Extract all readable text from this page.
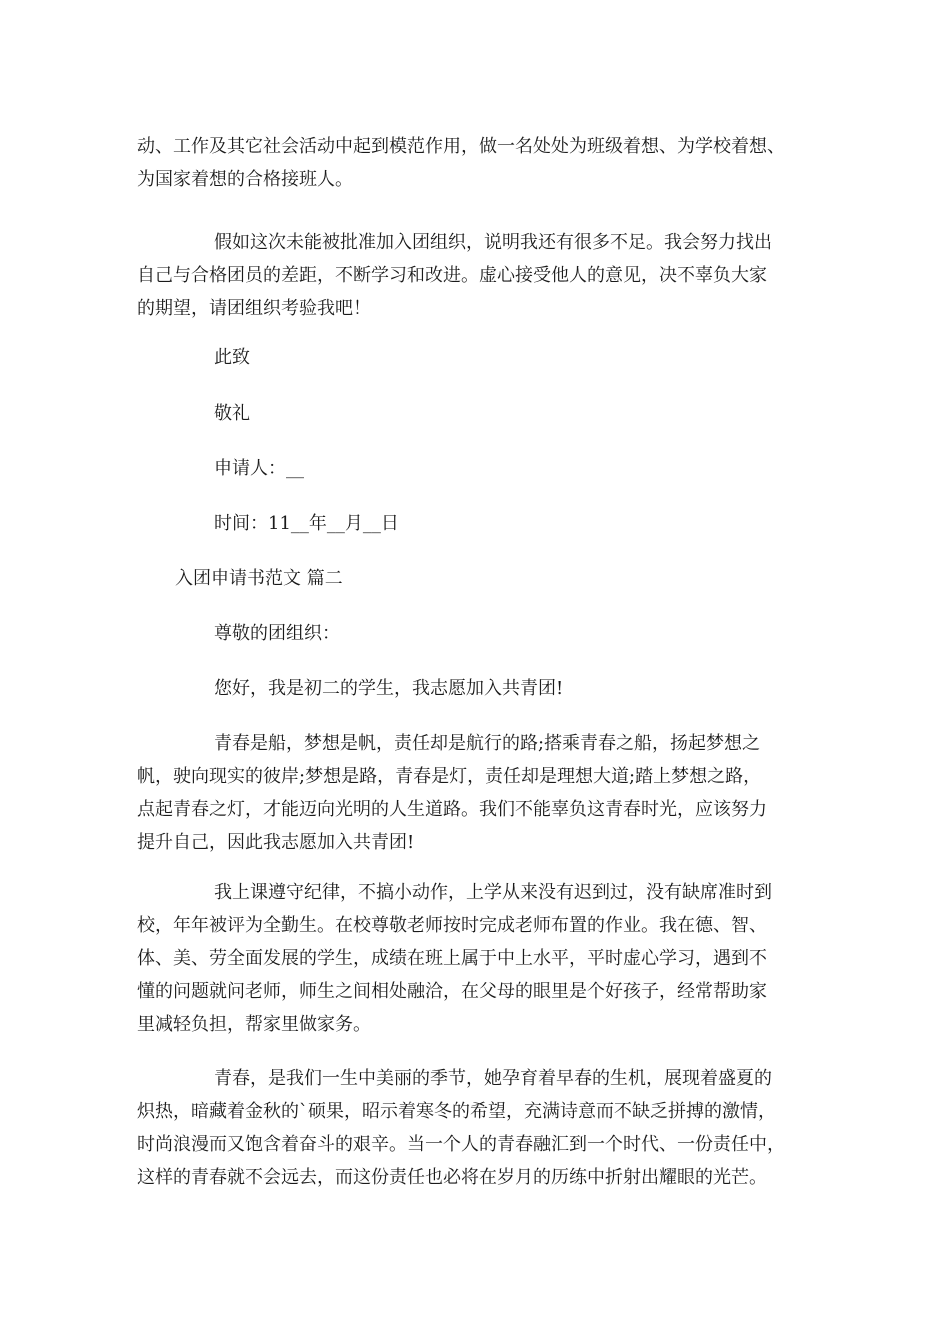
动、工作及其它社会活动中起到模范作用，做一名处处为班级着想、为学校着想、
为国家着想的合格接班人。
假如这次未能被批准加入团组织，说明我还有很多不足。我会努力找出
自己与合格团员的差距，不断学习和改进。虚心接受他人的意见，决不辜负大家
的期望，请团组织考验我吧！
此致
敬礼
申请人：__
时间：11__年__月__日
入团申请书范文 篇二
尊敬的团组织：
您好，我是初二的学生，我志愿加入共青团!
青春是船，梦想是帆，责任却是航行的路;搭乘青春之船，扬起梦想之
帆，驶向现实的彼岸;梦想是路，青春是灯，责任却是理想大道;踏上梦想之路，
点起青春之灯，才能迈向光明的人生道路。我们不能辜负这青春时光，应该努力
提升自己，因此我志愿加入共青团!
我上课遵守纪律，不搞小动作，上学从来没有迟到过，没有缺席准时到
校，年年被评为全勤生。在校尊敬老师按时完成老师布置的作业。我在德、智、
体、美、劳全面发展的学生，成绩在班上属于中上水平，平时虚心学习，遇到不
懂的问题就问老师，师生之间相处融洽，在父母的眼里是个好孩子，经常帮助家
里减轻负担，帮家里做家务。
青春，是我们一生中美丽的季节，她孕育着早春的生机，展现着盛夏的
炽热，暗藏着金秋的`硕果，昭示着寒冬的希望，充满诗意而不缺乏拼搏的激情，
时尚浪漫而又饱含着奋斗的艰辛。当一个人的青春融汇到一个时代、一份责任中，
这样的青春就不会远去，而这份责任也必将在岁月的历练中折射出耀眼的光芒。
